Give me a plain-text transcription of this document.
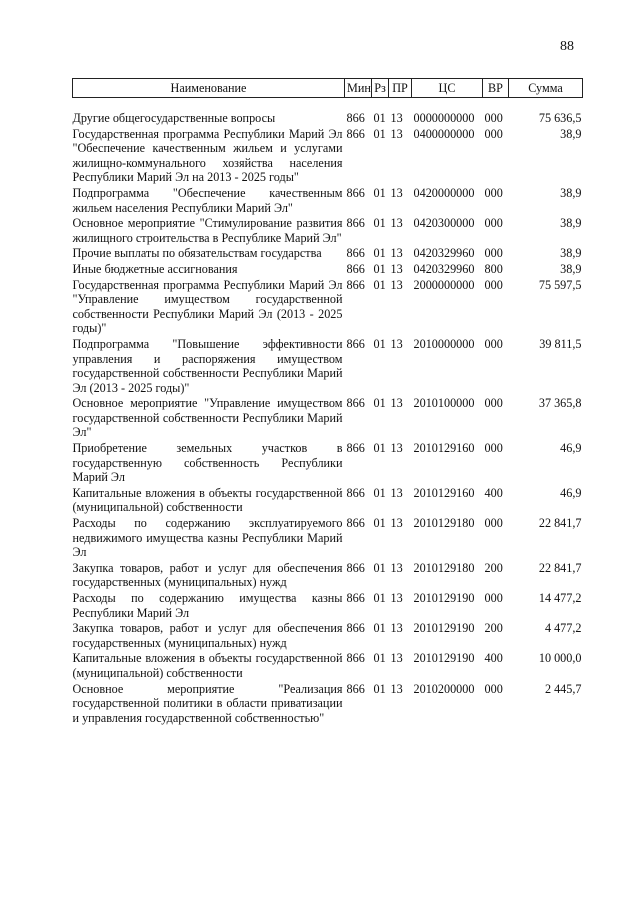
88
Наименование	Мин	Рз	ПР	ЦС	ВР	Сумма
Другие общегосударственные вопросы	866	01	13	0000000000	000	75 636,5
Государственная программа Республики Марий Эл "Обеспечение качественным жильем и услугами жилищно-коммунального хозяйства населения Республики Марий Эл на 2013 - 2025 годы"	866	01	13	0400000000	000	38,9
Подпрограмма "Обеспечение качественным жильем населения Республики Марий Эл"	866	01	13	0420000000	000	38,9
Основное мероприятие "Стимулирование развития жилищного строительства в Республике Марий Эл"	866	01	13	0420300000	000	38,9
Прочие выплаты по обязательствам государства	866	01	13	0420329960	000	38,9
Иные бюджетные ассигнования	866	01	13	0420329960	800	38,9
Государственная программа Республики Марий Эл "Управление имуществом государственной собственности Республики Марий Эл (2013 - 2025 годы)"	866	01	13	2000000000	000	75 597,5
Подпрограмма "Повышение эффективности управления и распоряжения имуществом государственной собственности Республики Марий Эл (2013 - 2025 годы)"	866	01	13	2010000000	000	39 811,5
Основное мероприятие "Управление имуществом государственной собственности Республики Марий Эл"	866	01	13	2010100000	000	37 365,8
Приобретение земельных участков в государственную собственность Республики Марий Эл	866	01	13	2010129160	000	46,9
Капитальные вложения в объекты государственной (муниципальной) собственности	866	01	13	2010129160	400	46,9
Расходы по содержанию эксплуатируемого недвижимого имущества казны Республики Марий Эл	866	01	13	2010129180	000	22 841,7
Закупка товаров, работ и услуг для обеспечения государственных (муниципальных) нужд	866	01	13	2010129180	200	22 841,7
Расходы по содержанию имущества казны Республики Марий Эл	866	01	13	2010129190	000	14 477,2
Закупка товаров, работ и услуг для обеспечения государственных (муниципальных) нужд	866	01	13	2010129190	200	4 477,2
Капитальные вложения в объекты государственной (муниципальной) собственности	866	01	13	2010129190	400	10 000,0
Основное мероприятие "Реализация государственной политики в области приватизации и управления государственной собственностью"	866	01	13	2010200000	000	2 445,7
